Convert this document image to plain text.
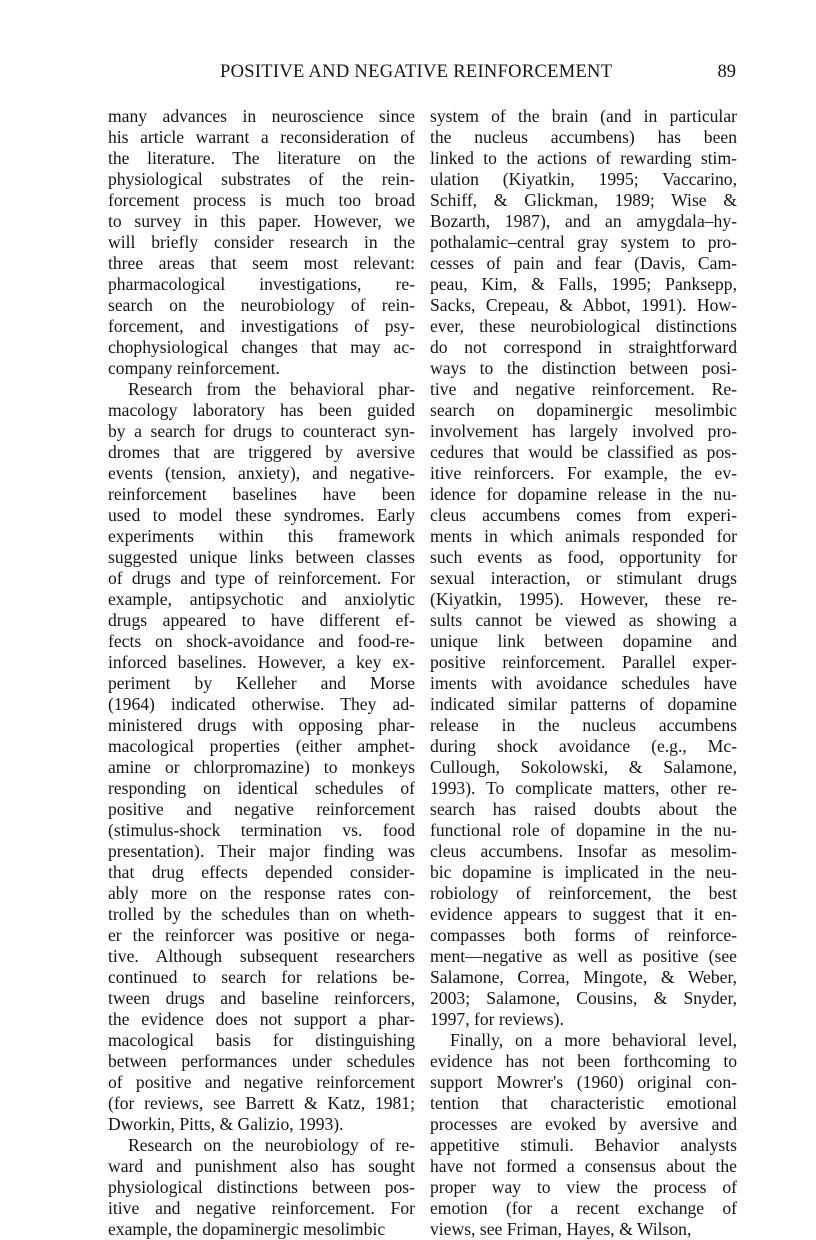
POSITIVE AND NEGATIVE REINFORCEMENT	89

many advances in neuroscience since
his article warrant a reconsideration of
the literature. The literature on the
physiological substrates of the rein-
forcement process is much too broad
to survey in this paper. However, we
will briefly consider research in the
three areas that seem most relevant:
pharmacological investigations, re-
search on the neurobiology of rein-
forcement, and investigations of psy-
chophysiological changes that may ac-
company reinforcement.

Research from the behavioral phar-
macology laboratory has been guided
by a search for drugs to counteract syn-
dromes that are triggered by aversive
events (tension, anxiety), and negative-
reinforcement baselines have been
used to model these syndromes. Early
experiments within this framework
suggested unique links between classes
of drugs and type of reinforcement. For
example, antipsychotic and anxiolytic
drugs appeared to have different ef-
fects on shock-avoidance and food-re-
inforced baselines. However, a key ex-
periment by Kelleher and Morse
(1964) indicated otherwise. They ad-
ministered drugs with opposing phar-
macological properties (either amphet-
amine or chlorpromazine) to monkeys
responding on identical schedules of
positive and negative reinforcement
(stimulus-shock termination vs. food
presentation). Their major finding was
that drug effects depended consider-
ably more on the response rates con-
trolled by the schedules than on wheth-
er the reinforcer was positive or nega-
tive. Although subsequent researchers
continued to search for relations be-
tween drugs and baseline reinforcers,
the evidence does not support a phar-
macological basis for distinguishing
between performances under schedules
of positive and negative reinforcement
(for reviews, see Barrett & Katz, 1981;
Dworkin, Pitts, & Galizio, 1993).

Research on the neurobiology of re-
ward and punishment also has sought
physiological distinctions between pos-
itive and negative reinforcement. For
example, the dopaminergic mesolimbic

system of the brain (and in particular
the nucleus accumbens) has been
linked to the actions of rewarding stim-
ulation (Kiyatkin, 1995; Vaccarino,
Schiff, & Glickman, 1989; Wise &
Bozarth, 1987), and an amygdala–hy-
pothalamic–central gray system to pro-
cesses of pain and fear (Davis, Cam-
peau, Kim, & Falls, 1995; Panksepp,
Sacks, Crepeau, & Abbot, 1991). How-
ever, these neurobiological distinctions
do not correspond in straightforward
ways to the distinction between posi-
tive and negative reinforcement. Re-
search on dopaminergic mesolimbic
involvement has largely involved pro-
cedures that would be classified as pos-
itive reinforcers. For example, the ev-
idence for dopamine release in the nu-
cleus accumbens comes from experi-
ments in which animals responded for
such events as food, opportunity for
sexual interaction, or stimulant drugs
(Kiyatkin, 1995). However, these re-
sults cannot be viewed as showing a
unique link between dopamine and
positive reinforcement. Parallel exper-
iments with avoidance schedules have
indicated similar patterns of dopamine
release in the nucleus accumbens
during shock avoidance (e.g., Mc-
Cullough, Sokolowski, & Salamone,
1993). To complicate matters, other re-
search has raised doubts about the
functional role of dopamine in the nu-
cleus accumbens. Insofar as mesolim-
bic dopamine is implicated in the neu-
robiology of reinforcement, the best
evidence appears to suggest that it en-
compasses both forms of reinforce-
ment—negative as well as positive (see
Salamone, Correa, Mingote, & Weber,
2003; Salamone, Cousins, & Snyder,
1997, for reviews).

Finally, on a more behavioral level,
evidence has not been forthcoming to
support Mowrer's (1960) original con-
tention that characteristic emotional
processes are evoked by aversive and
appetitive stimuli. Behavior analysts
have not formed a consensus about the
proper way to view the process of
emotion (for a recent exchange of
views, see Friman, Hayes, & Wilson,
